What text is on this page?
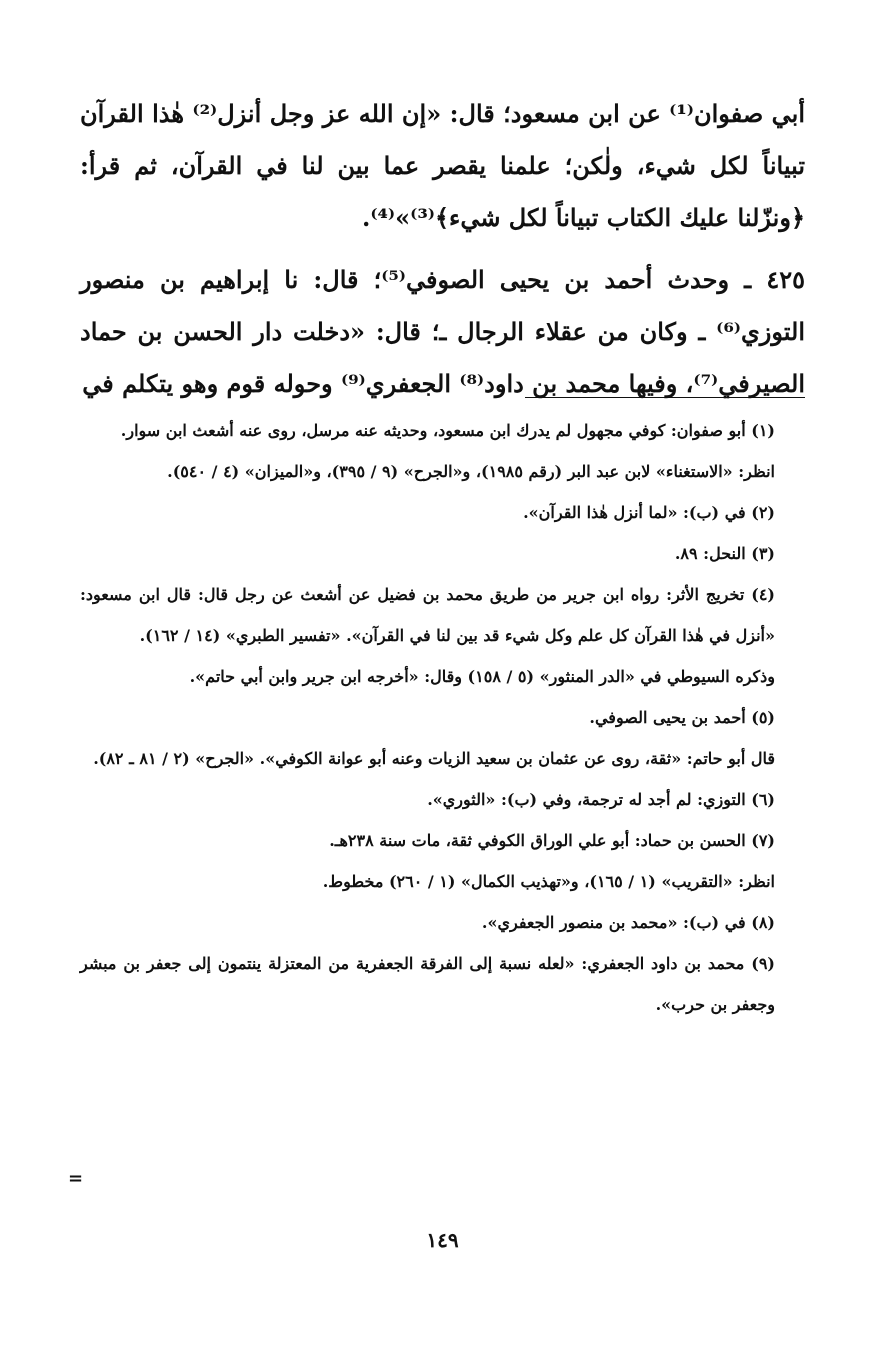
أبي صفوان⁽¹⁾ عن ابن مسعود؛ قال: «إن الله عز وجل أنزل⁽²⁾ هٰذا القرآن تبياناً لكل شيء، ولٰكن؛ علمنا يقصر عما بين لنا في القرآن، ثم قرأ: ﴿ونزّلنا عليك الكتاب تبياناً لكل شيء﴾⁽³⁾»⁽⁴⁾.

٤٢٥ ـ وحدث أحمد بن يحيى الصوفي⁽⁵⁾؛ قال: نا إبراهيم بن منصور التوزي⁽⁶⁾ ـ وكان من عقلاء الرجال ـ؛ قال: «دخلت دار الحسن بن حماد الصيرفي⁽⁷⁾، وفيها محمد بن داود⁽⁸⁾ الجعفري⁽⁹⁾ وحوله قوم وهو يتكلم في

(١) أبو صفوان: كوفي مجهول لم يدرك ابن مسعود، وحديثه عنه مرسل، روى عنه أشعث ابن سوار.

انظر: «الاستغناء» لابن عبد البر (رقم ١٩٨٥)، و«الجرح» (٩ / ٣٩٥)، و«الميزان» (٤ / ٥٤٠).

(٢) في (ب): «لما أنزل هٰذا القرآن».

(٣) النحل: ٨٩.

(٤) تخريج الأثر: رواه ابن جرير من طريق محمد بن فضيل عن أشعث عن رجل قال: قال ابن مسعود: «أنزل في هٰذا القرآن كل علم وكل شيء قد بين لنا في القرآن». «تفسير الطبري» (١٤ / ١٦٢).

وذكره السيوطي في «الدر المنثور» (٥ / ١٥٨) وقال: «أخرجه ابن جرير وابن أبي حاتم».

(٥) أحمد بن يحيى الصوفي.

قال أبو حاتم: «ثقة، روى عن عثمان بن سعيد الزيات وعنه أبو عوانة الكوفي». «الجرح» (٢ / ٨١ ـ ٨٢).

(٦) التوزي: لم أجد له ترجمة، وفي (ب): «الثوري».

(٧) الحسن بن حماد: أبو علي الوراق الكوفي ثقة، مات سنة ٢٣٨هـ.

انظر: «التقريب» (١ / ١٦٥)، و«تهذيب الكمال» (١ / ٢٦٠) مخطوط.

(٨) في (ب): «محمد بن منصور الجعفري».

(٩) محمد بن داود الجعفري: «لعله نسبة إلى الفرقة الجعفرية من المعتزلة ينتمون إلى جعفر بن مبشر وجعفر بن حرب».

=
١٤٩
